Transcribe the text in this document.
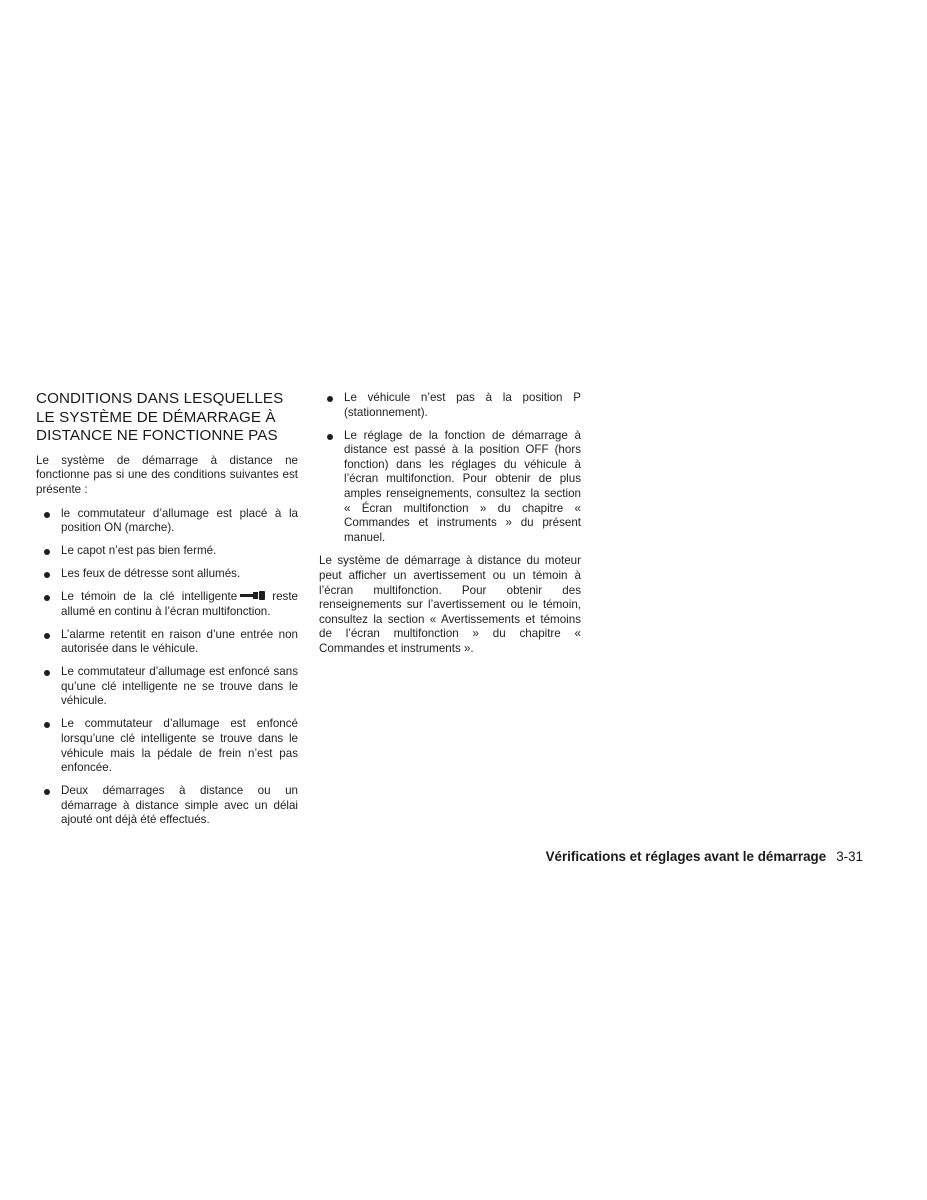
CONDITIONS DANS LESQUELLES
LE SYSTÈME DE DÉMARRAGE À
DISTANCE NE FONCTIONNE PAS

Le système de démarrage à distance ne fonctionne pas si une des conditions suivantes est présente :

le commutateur d’allumage est placé à la position ON (marche).
Le capot n’est pas bien fermé.
Les feux de détresse sont allumés.
Le témoin de la clé intelligente	reste allumé en continu à l’écran multifonction.
L’alarme retentit en raison d’une entrée non autorisée dans le véhicule.
Le commutateur d’allumage est enfoncé sans qu’une clé intelligente ne se trouve dans le véhicule.
Le commutateur d’allumage est enfoncé lorsqu’une clé intelligente se trouve dans le véhicule mais la pédale de frein n’est pas enfoncée.
Deux démarrages à distance ou un démarrage à distance simple avec un délai ajouté ont déjà été effectués.
Le véhicule n’est pas à la position P (stationnement).
Le réglage de la fonction de démarrage à distance est passé à la position OFF (hors fonction) dans les réglages du véhicule à l’écran multifonction. Pour obtenir de plus amples renseignements, consultez la section « Écran multifonction » du chapitre « Commandes et instruments » du présent manuel.

Le système de démarrage à distance du moteur peut afficher un avertissement ou un témoin à l’écran multifonction. Pour obtenir des renseignements sur l’avertissement ou le témoin, consultez la section « Avertissements et témoins de l’écran multifonction » du chapitre « Commandes et instruments ».

Vérifications et réglages avant le démarrage 3-31
